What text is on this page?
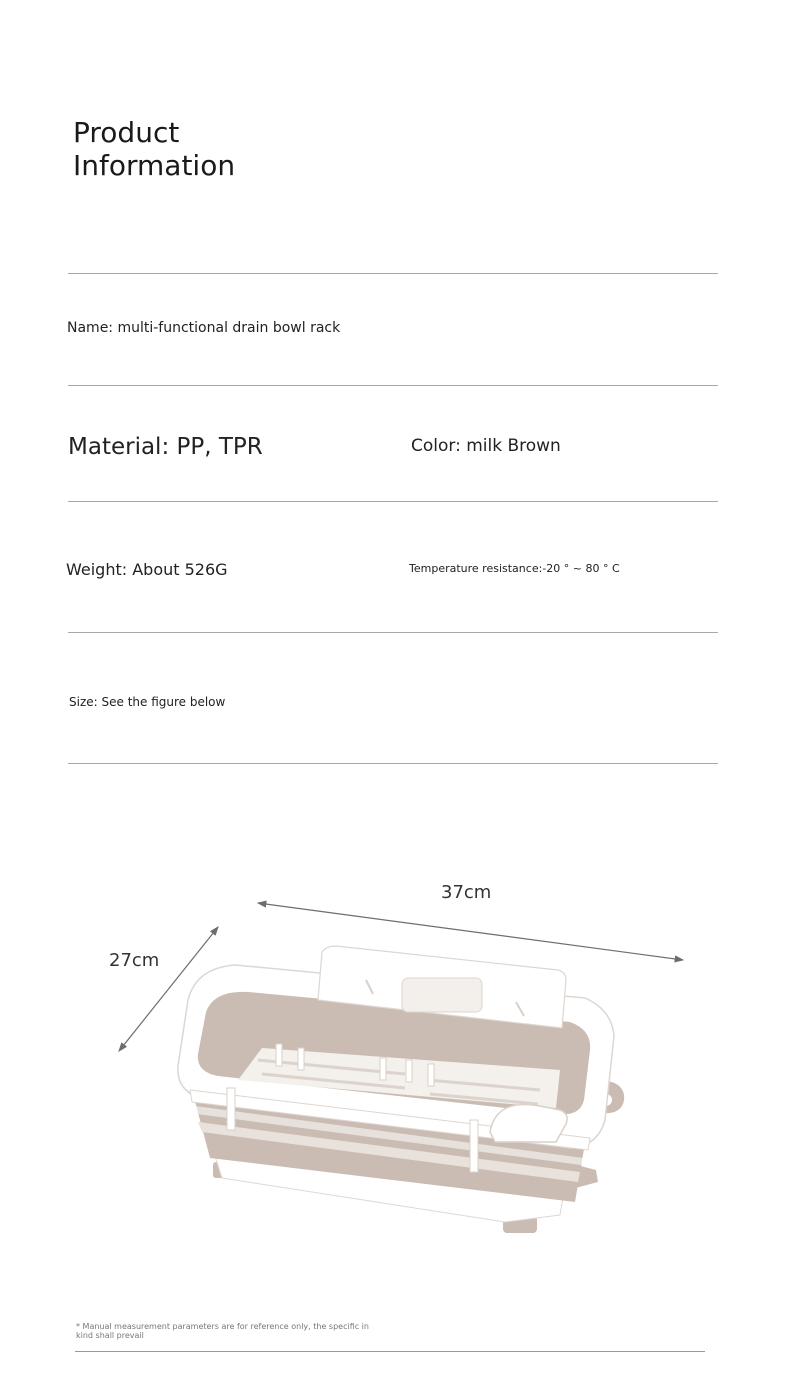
Product
Information
Name: multi-functional drain bowl rack
Material: PP, TPR	Color: milk Brown
Weight: About 526G	Temperature resistance:-20 ° ~ 80 ° C
Size: See the figure below
37cm
27cm
* Manual measurement parameters are for reference only, the specific in kind shall prevail
